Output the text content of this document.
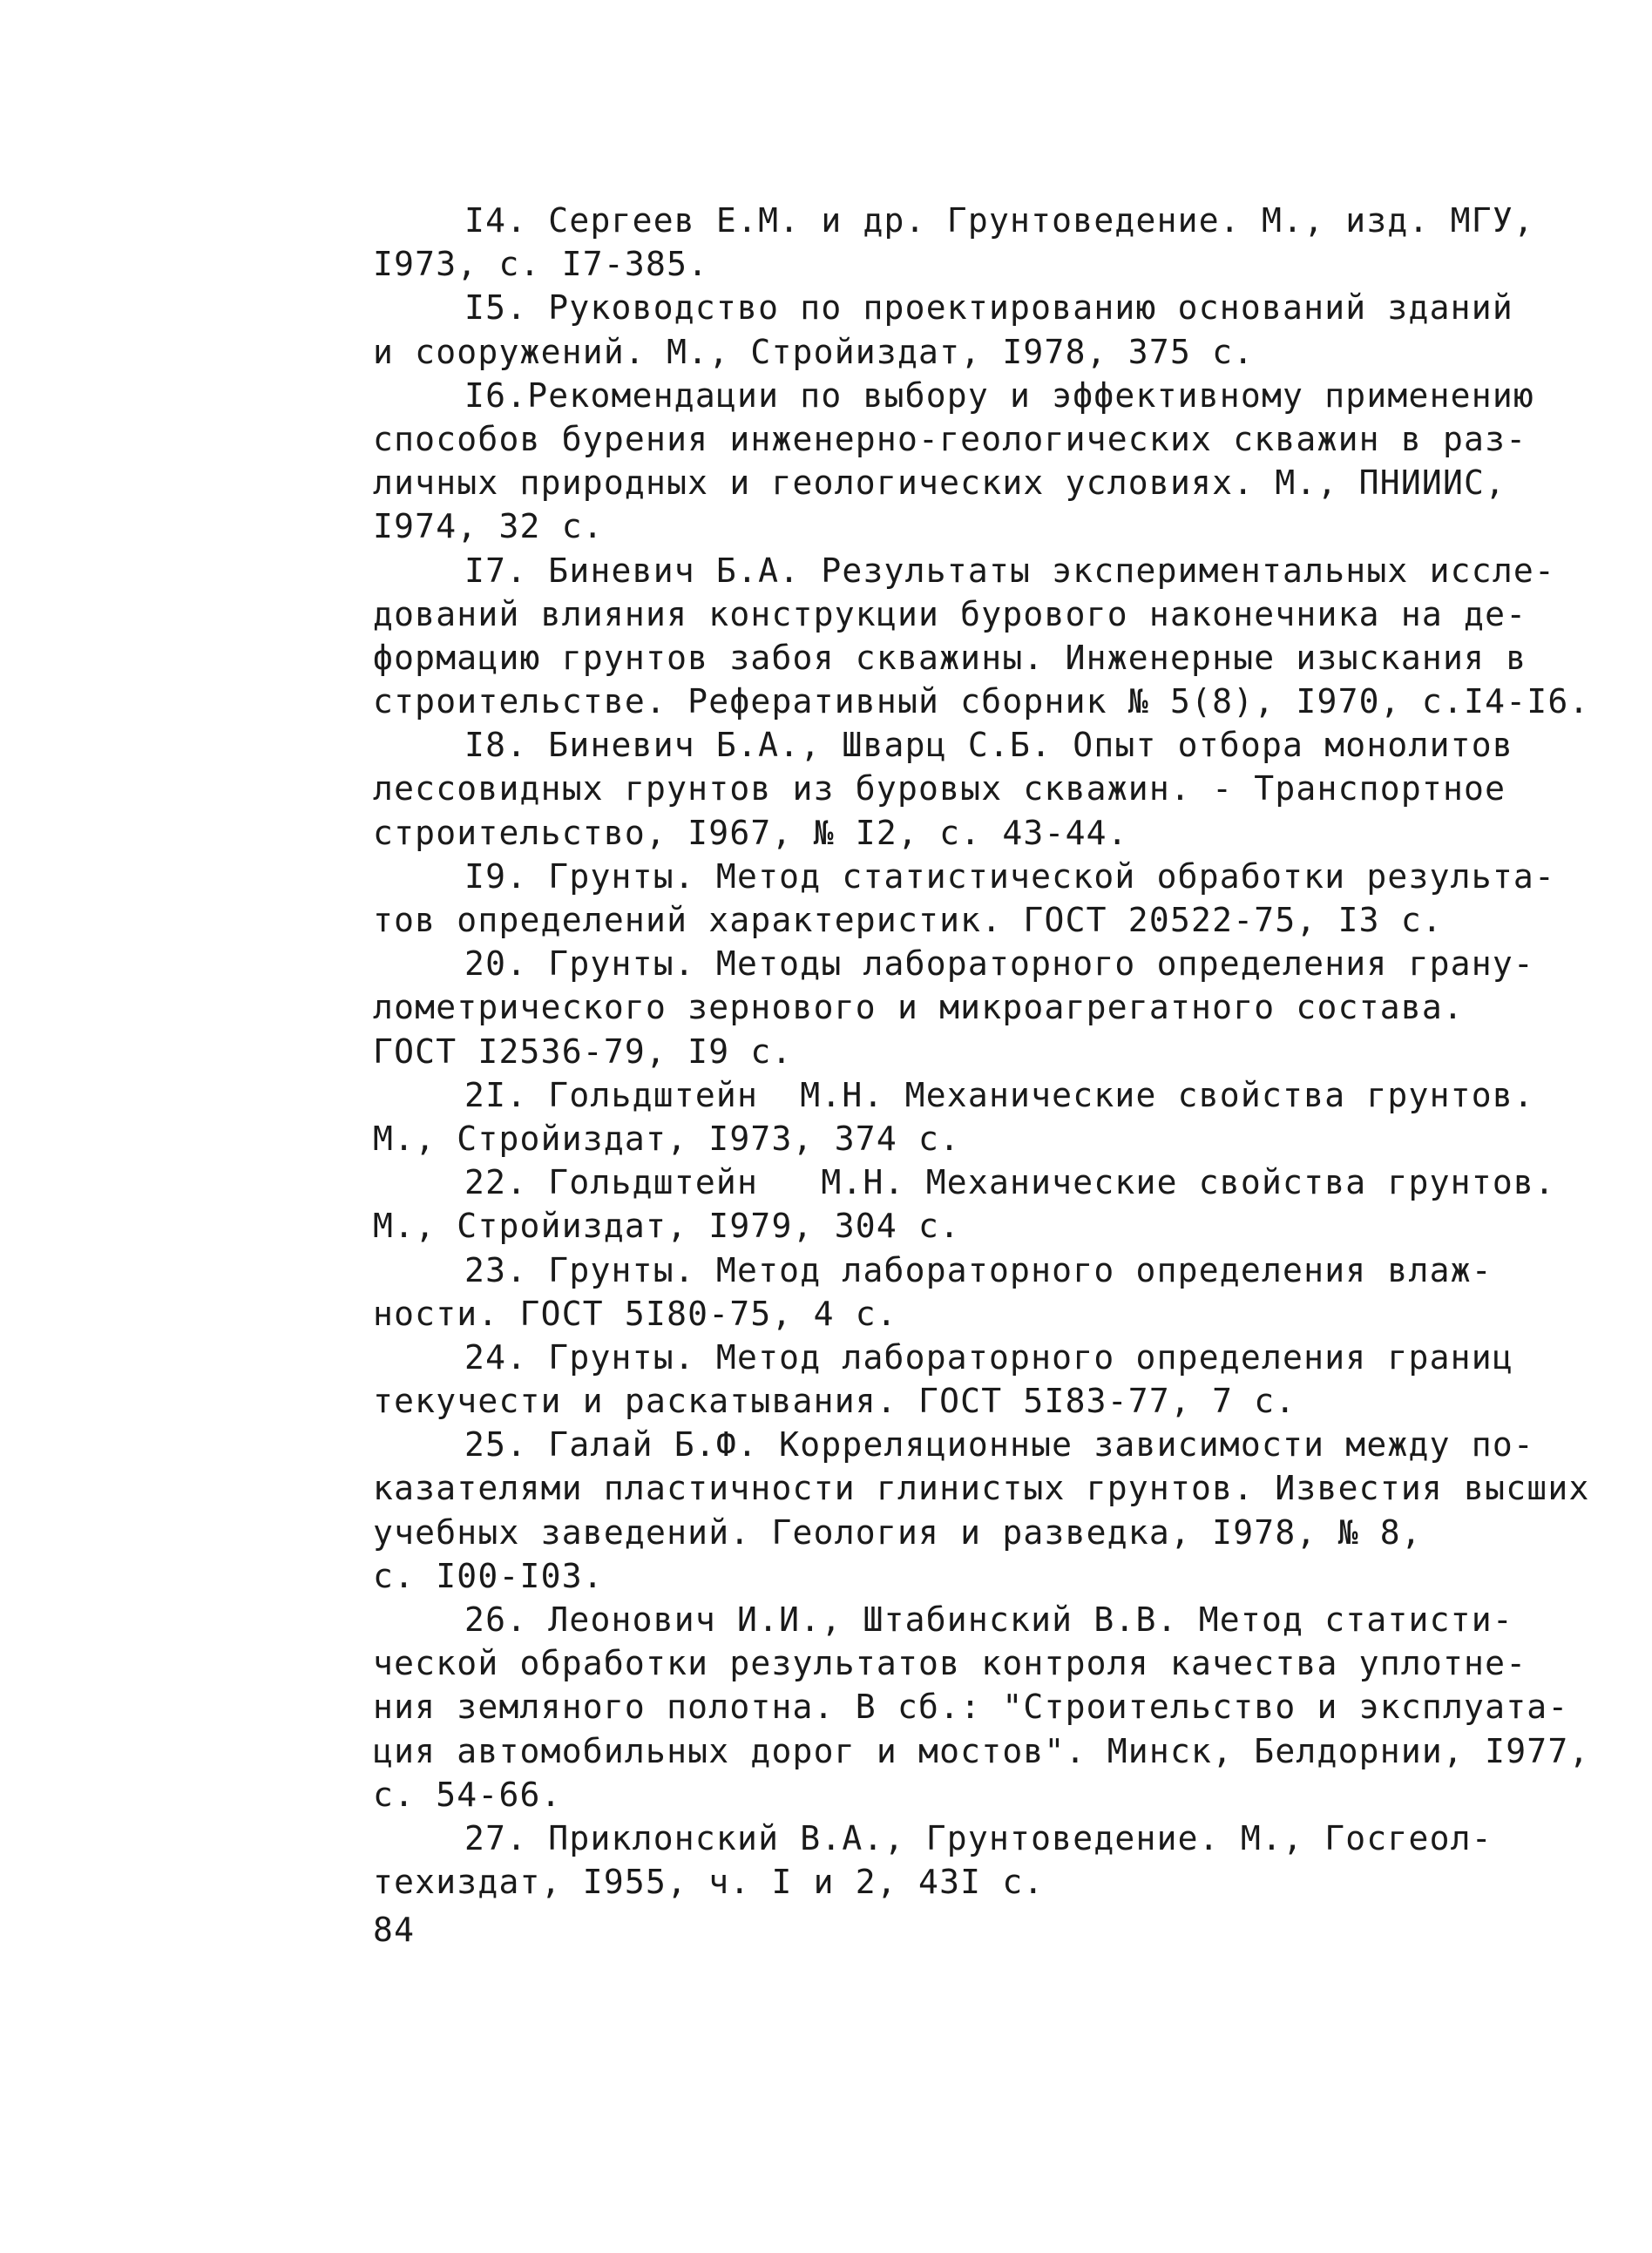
I4. Сергеев Е.М. и др. Грунтоведение. М., изд. МГУ,
I973, с. I7-385.
I5. Руководство по проектированию оснований зданий
и сооружений. М., Стройиздат, I978, 375 с.
I6.Рекомендации по выбору и эффективному применению
способов бурения инженерно-геологических скважин в раз-
личных природных и геологических условиях. М., ПНИИИС,
I974, 32 с.
I7. Биневич Б.А. Результаты экспериментальных иссле-
дований влияния конструкции бурового наконечника на де-
формацию грунтов забоя скважины. Инженерные изыскания в
строительстве. Реферативный сборник № 5(8), I970, с.I4-I6.
I8. Биневич Б.А., Шварц С.Б. Опыт отбора монолитов
лессовидных грунтов из буровых скважин. - Транспортное
строительство, I967, № I2, с. 43-44.
I9. Грунты. Метод статистической обработки результа-
тов определений характеристик. ГОСТ 20522-75, I3 с.
20. Грунты. Методы лабораторного определения грану-
лометрического зернового и микроагрегатного состава.
ГОСТ I2536-79, I9 с.
2I. Гольдштейн  М.Н. Механические свойства грунтов.
М., Стройиздат, I973, 374 с.
22. Гольдштейн   М.Н. Механические свойства грунтов.
М., Стройиздат, I979, 304 с.
23. Грунты. Метод лабораторного определения влаж-
ности. ГОСТ 5I80-75, 4 с.
24. Грунты. Метод лабораторного определения границ
текучести и раскатывания. ГОСТ 5I83-77, 7 с.
25. Галай Б.Ф. Корреляционные зависимости между по-
казателями пластичности глинистых грунтов. Известия высших
учебных заведений. Геология и разведка, I978, № 8,
с. I00-I03.
26. Леонович И.И., Штабинский В.В. Метод статисти-
ческой обработки результатов контроля качества уплотне-
ния земляного полотна. В сб.: "Строительство и эксплуата-
ция автомобильных дорог и мостов". Минск, Белдорнии, I977,
с. 54-66.
27. Приклонский В.А., Грунтоведение. М., Госгеол-
техиздат, I955, ч. I и 2, 43I с.
84
